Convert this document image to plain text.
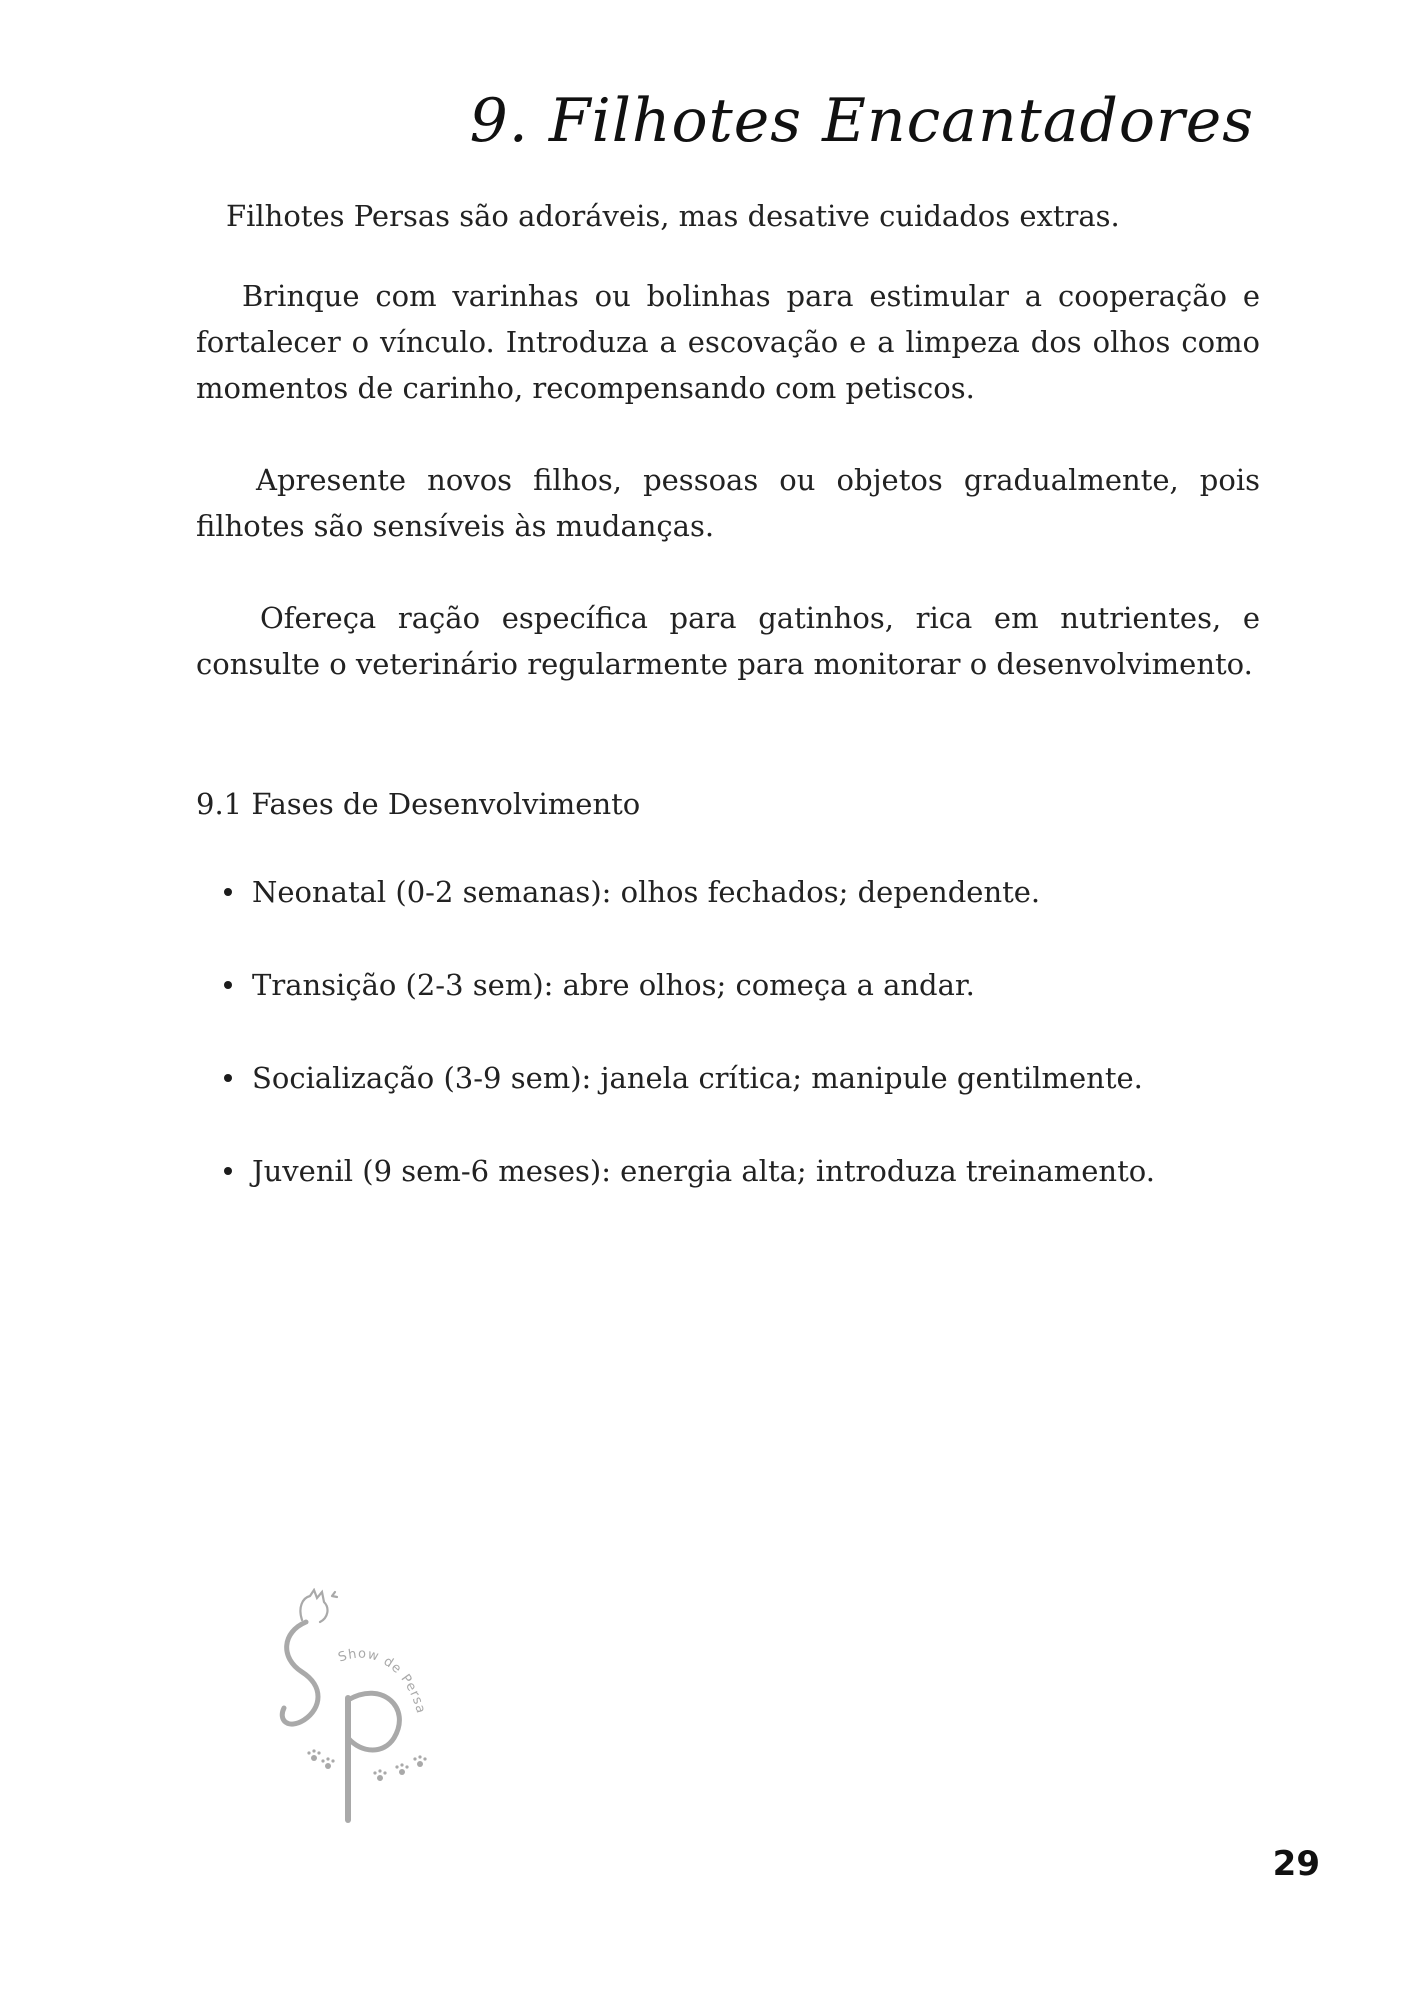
9. Filhotes Encantadores

Filhotes Persas são adoráveis, mas desative cuidados extras.

Brinque com varinhas ou bolinhas para estimular a cooperação e fortalecer o vínculo. Introduza a escovação e a limpeza dos olhos como momentos de carinho, recompensando com petiscos.

Apresente novos filhos, pessoas ou objetos gradualmente, pois filhotes são sensíveis às mudanças.

Ofereça ração específica para gatinhos, rica em nutrientes, e consulte o veterinário regularmente para monitorar o desenvolvimento.

9.1 Fases de Desenvolvimento
Neonatal (0-2 semanas): olhos fechados; dependente.
Transição (2-3 sem): abre olhos; começa a andar.
Socialização (3-9 sem): janela crítica; manipule gentilmente.
Juvenil (9 sem-6 meses): energia alta; introduza treinamento.
Show de Persa
29
